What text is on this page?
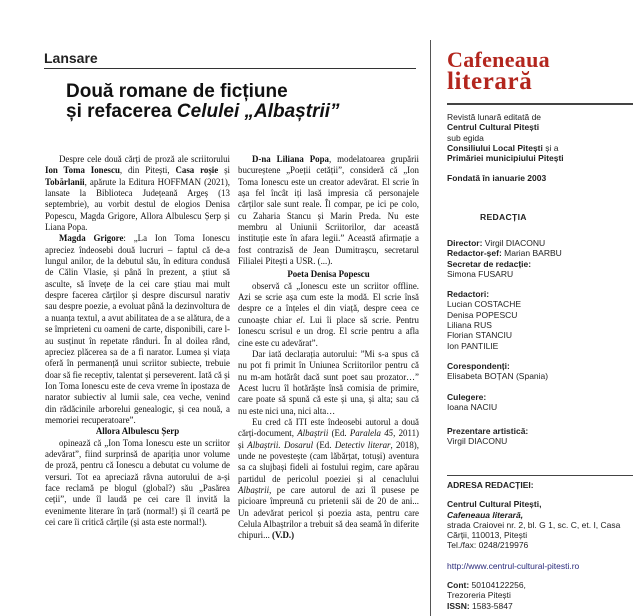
Lansare
Două romane de ficțiune
și refacerea Celulei „Albaștrii”

Despre cele două cărți de proză ale scriitorului Ion Toma Ionescu, din Pitești, Casa roșie și Tobărlanii, apărute la Editura HOFFMAN (2021), lansate la Biblioteca Județeană Argeș (13 septembrie), au vorbit destul de elogios Denisa Popescu, Magda Grigore, Allora Albulescu Șerp și Liana Popa.

Magda Grigore: „La Ion Toma Ionescu apreciez îndeosebi două lucruri – faptul că de-a lungul anilor, de la debutul său, în editura condusă de Călin Vlasie, și până în prezent, a știut să asculte, să învețe de la cei care știau mai mult despre facerea cărților și despre discursul narativ sau despre poezie, a evoluat până la dezinvoltura de a nuanța textul, a avut abilitatea de a se alătura, de a se împrieteni cu oameni de carte, disponibili, care l-au susținut în repetate rânduri. În al doilea rând, apreciez plăcerea sa de a fi narator. Lumea și viața oferă în permanență unui scriitor subiecte, trebuie doar să fie receptiv, talentat și perseverent. Iată că și Ion Toma Ionescu este de ceva vreme în ipostaza de narator subiectiv al lumii sale, cea veche, venind din rădăcinile arborelui genealogic, și cea nouă, a memoriei recuperatoare”.

Allora Albulescu Șerp

opinează că „Ion Toma Ionescu este un scriitor adevărat”, fiind surprinsă de apariția unor volume de proză, pentru că Ionescu a debutat cu volume de versuri. Tot ea apreciază râvna autorului de a-și face reclamă pe blogul (global?) său „Pasărea ceții”, unde îl laudă pe cei care îl invită la evenimente literare în țară (normal!) și îl ceartă pe cei care îi critică cărțile (și asta este normal!).

D-na Liliana Popa, modelatoarea grupării bucureștene „Poeții cetății”, consideră că „Ion Toma Ionescu este un creator adevărat. El scrie în așa fel încât iți lasă impresia că personajele cărților sale sunt reale. Îl compar, pe ici pe colo, cu Zaharia Stancu și Marin Preda. Nu este membru al Uniunii Scriitorilor, dar această instituție este în afara legii.” Această afirmație a fost contrazisă de Jean Dumitrașcu, secretarul Filialei Pitești a USR. (...).

Poeta Denisa Popescu

observă că „Ionescu este un scriitor offline. Azi se scrie așa cum este la modă. El scrie însă despre ce a înțeles el din viață, despre ceea ce cunoaște chiar el. Lui îi place să scrie. Pentru Ionescu scrisul e un drog. El scrie pentru a afla cine este cu adevărat”.

Dar iată declarația autorului: ”Mi s-a spus că nu pot fi primit în Uniunea Scriitorilor pentru că nu m-am hotărât dacă sunt poet sau prozator…” Acest lucru îl hotărăște însă comisia de primire, care poate să spună că este și una, și alta; sau că nu este nici una, nici alta…

Eu cred că ITI este îndeosebi autorul a două cărți-document, Albaștrii (Ed. Paralela 45, 2011) și Albaștrii. Dosarul (Ed. Detectiv literar, 2018), unde ne povestește (cam lăbărțat, totuși) aventura sa ca slujbași fideli ai fostului regim, care apărau partidul de pericolul poeziei și al cenaclului Albaștrii, pe care autorul de azi îl pusese pe picioare împreună cu prietenii săi de 20 de ani... Un adevărat pericol și poezia asta, pentru care Celula Albaștrilor a trebuit să dea seamă în diferite chipuri... (V.D.)

Cafeneaua
literară
Revistă lunară editată de
Centrul Cultural Pitești
sub egida
Consiliului Local Pitești și a
Primăriei municipiului Pitești
Fondată în ianuarie 2003
REDACȚIA
Director: Virgil DIACONU
Redactor-șef: Marian BARBU
Secretar de redacție:
Simona FUSARU
Redactori:
Lucian COSTACHE
Denisa POPESCU
Liliana RUS
Florian STANCIU
Ion PANTILIE
Corespondenți:
Elisabeta BOȚAN (Spania)
Culegere:
Ioana NACIU
Prezentare artistică:
Virgil DIACONU
ADRESA REDACȚIEI:
Centrul Cultural Pitești,
Cafeneaua literară,
strada Craiovei nr. 2, bl. G 1, sc. C, et. I, Casa Cărții, 110013, Pitești
Tel./fax: 0248/219976
http://www.centrul-cultural-pitesti.ro
Cont: 50104122256,
Trezoreria Pitești
ISSN: 1583-5847
